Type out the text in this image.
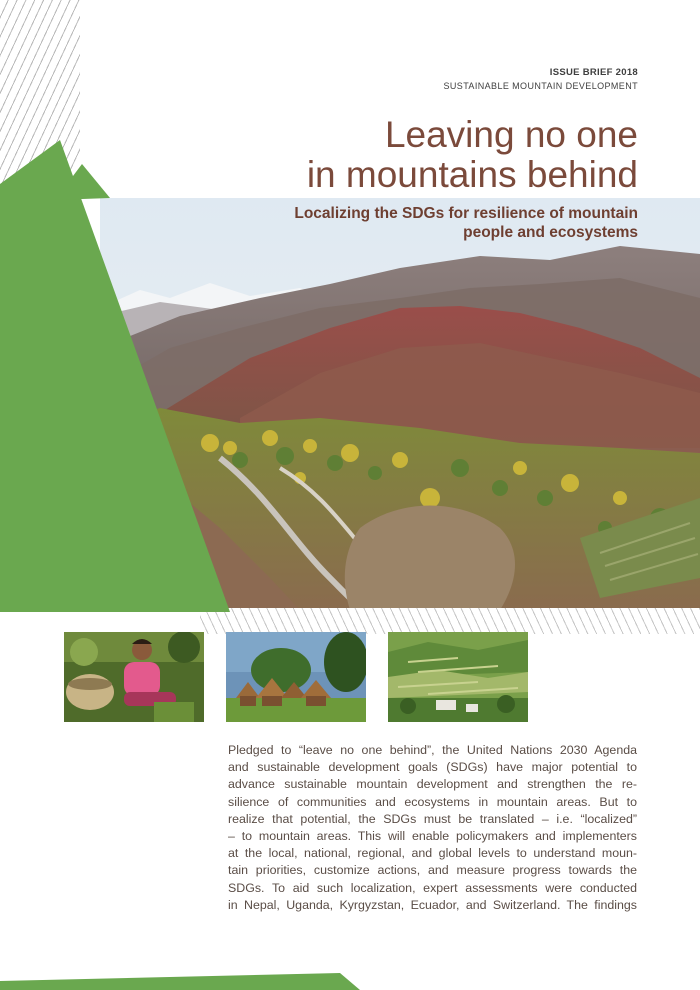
ISSUE BRIEF 2018
SUSTAINABLE MOUNTAIN DEVELOPMENT
Leaving no one
in mountains behind
Localizing the SDGs for resilience of mountain
people and ecosystems
Pledged to “leave no one behind”, the United Nations 2030 Agenda
and sustainable development goals (SDGs) have major potential to
advance sustainable mountain development and strengthen the re-
silience of communities and ecosystems in mountain areas. But to
realize that potential, the SDGs must be translated – i.e. “localized”
– to mountain areas. This will enable policymakers and implementers
at the local, national, regional, and global levels to understand moun-
tain priorities, customize actions, and measure progress towards the
SDGs. To aid such localization, expert assessments were conducted
in Nepal, Uganda, Kyrgyzstan, Ecuador, and Switzerland. The findings
